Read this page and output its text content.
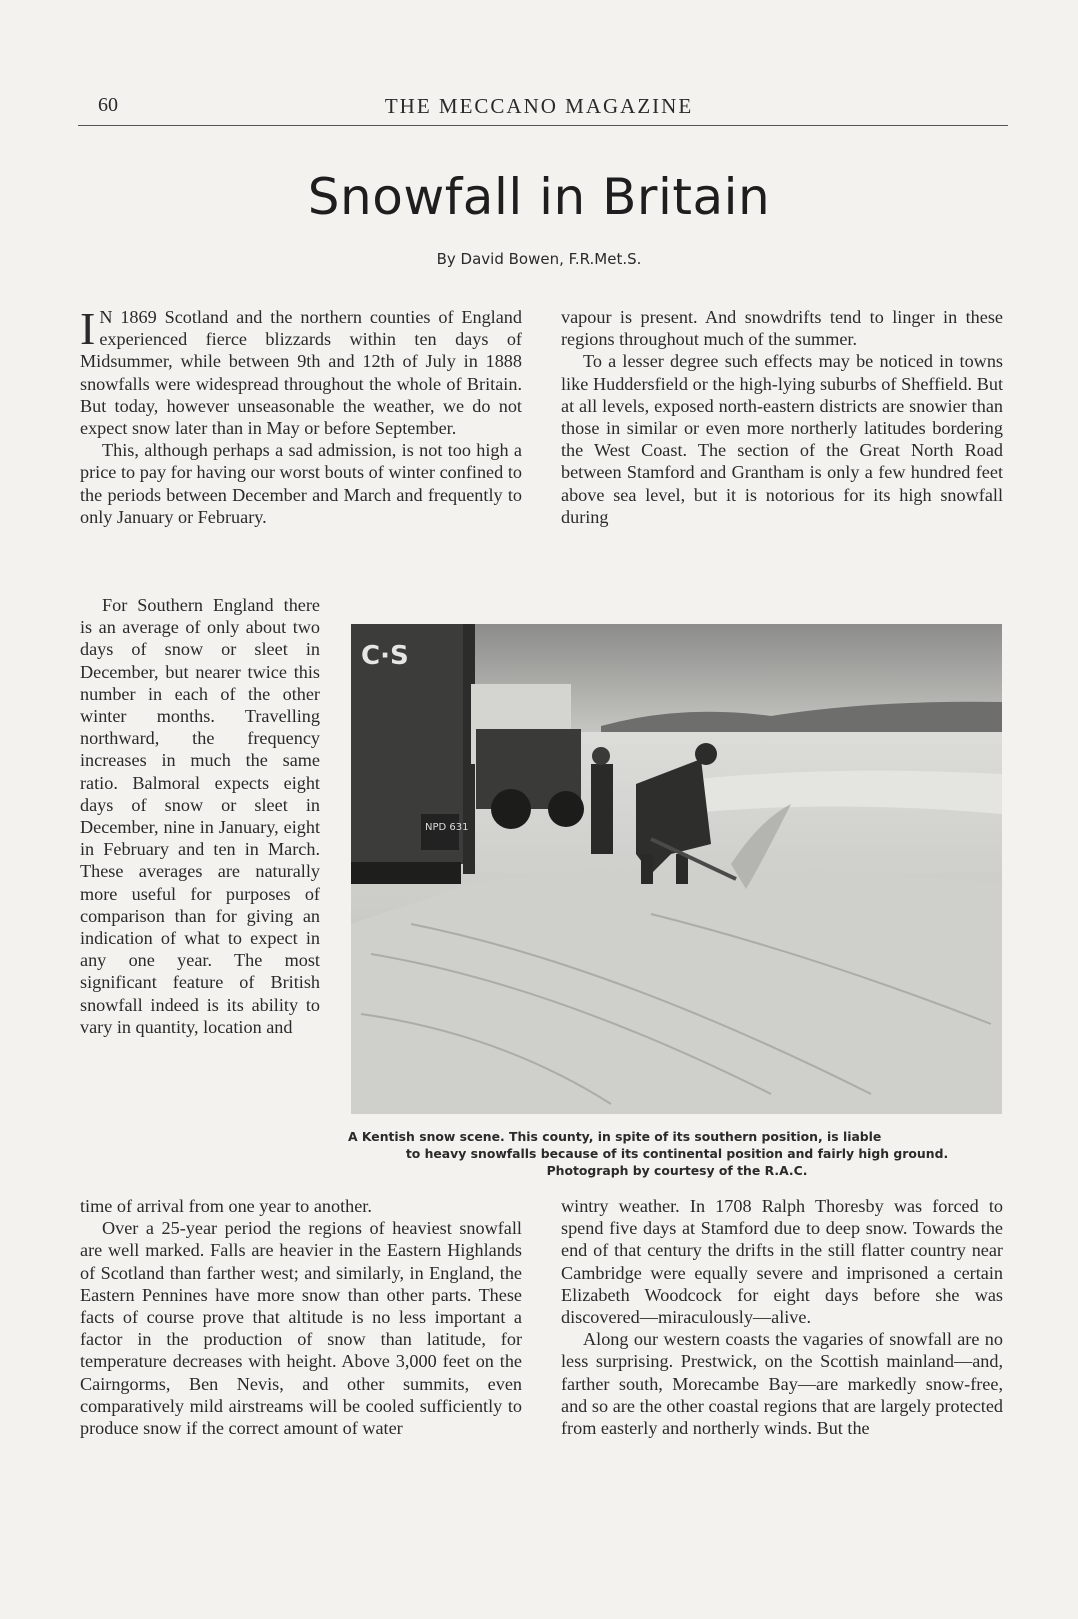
60	THE MECCANO MAGAZINE
Snowfall in Britain
By David Bowen, F.R.Met.S.

I N 1869 Scotland and the northern counties of England experienced fierce blizzards within ten days of Midsummer, while between 9th and 12th of July in 1888 snowfalls were widespread throughout the whole of Britain. But today, however unseasonable the weather, we do not expect snow later than in May or before September.

This, although perhaps a sad admission, is not too high a price to pay for having our worst bouts of winter confined to the periods between December and March and frequently to only January or February.

For Southern England there is an average of only about two days of snow or sleet in December, but nearer twice this number in each of the other winter months. Travelling northward, the frequency increases in much the same ratio. Balmoral expects eight days of snow or sleet in December, nine in January, eight in February and ten in March. These averages are naturally more useful for purposes of comparison than for giving an indication of what to expect in any one year. The most significant feature of British snowfall indeed is its ability to vary in quantity, location and

time of arrival from one year to another.

Over a 25-year period the regions of heaviest snowfall are well marked. Falls are heavier in the Eastern Highlands of Scotland than farther west; and similarly, in England, the Eastern Pennines have more snow than other parts. These facts of course prove that altitude is no less important a factor in the production of snow than latitude, for temperature decreases with height. Above 3,000 feet on the Cairngorms, Ben Nevis, and other summits, even comparatively mild airstreams will be cooled sufficiently to produce snow if the correct amount of water

vapour is present. And snowdrifts tend to linger in these regions throughout much of the summer.

To a lesser degree such effects may be noticed in towns like Huddersfield or the high-lying suburbs of Sheffield. But at all levels, exposed north-eastern districts are snowier than those in similar or even more northerly latitudes bordering the West Coast. The section of the Great North Road between Stamford and Grantham is only a few hundred feet above sea level, but it is notorious for its high snowfall during

wintry weather. In 1708 Ralph Thoresby was forced to spend five days at Stamford due to deep snow. Towards the end of that century the drifts in the still flatter country near Cambridge were equally severe and imprisoned a certain Elizabeth Woodcock for eight days before she was discovered—miraculously—alive.

Along our western coasts the vagaries of snowfall are no less surprising. Prestwick, on the Scottish mainland—and, farther south, Morecambe Bay—are markedly snow-free, and so are the other coastal regions that are largely protected from easterly and northerly winds. But the

C·S
NPD 631
A Kentish snow scene. This county, in spite of its southern position, is liable
to heavy snowfalls because of its continental position and fairly high ground.
Photograph by courtesy of the R.A.C.
